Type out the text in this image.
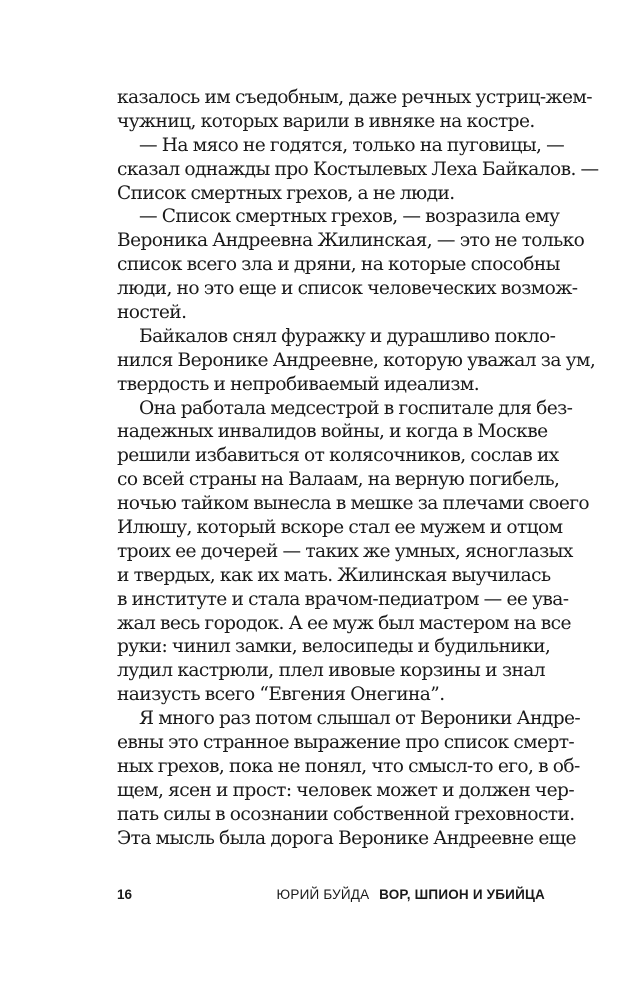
казалось им съедобным, даже речных устриц-жем-
чужниц, которых варили в ивняке на костре.
— На мясо не годятся, только на пуговицы, —
сказал однажды про Костылевых Леха Байкалов. —
Список смертных грехов, а не люди.
— Список смертных грехов, — возразила ему
Вероника Андреевна Жилинская, — это не только
список всего зла и дряни, на которые способны
люди, но это еще и список человеческих возмож-
ностей.
Байкалов снял фуражку и дурашливо покло-
нился Веронике Андреевне, которую уважал за ум,
твердость и непробиваемый идеализм.
Она работала медсестрой в госпитале для без-
надежных инвалидов войны, и когда в Москве
решили избавиться от колясочников, сослав их
со всей страны на Валаам, на верную погибель,
ночью тайком вынесла в мешке за плечами своего
Илюшу, который вскоре стал ее мужем и отцом
троих ее дочерей — таких же умных, ясноглазых
и твердых, как их мать. Жилинская выучилась
в институте и стала врачом-педиатром — ее ува-
жал весь городок. А ее муж был мастером на все
руки: чинил замки, велосипеды и будильники,
лудил кастрюли, плел ивовые корзины и знал
наизусть всего “Евгения Онегина”.
Я много раз потом слышал от Вероники Андре-
евны это странное выражение про список смерт-
ных грехов, пока не понял, что смысл-то его, в об-
щем, ясен и прост: человек может и должен чер-
пать силы в осознании собственной греховности.
Эта мысль была дорога Веронике Андреевне еще
16	ЮРИЙ БУЙДА ВОР, ШПИОН И УБИЙЦА
